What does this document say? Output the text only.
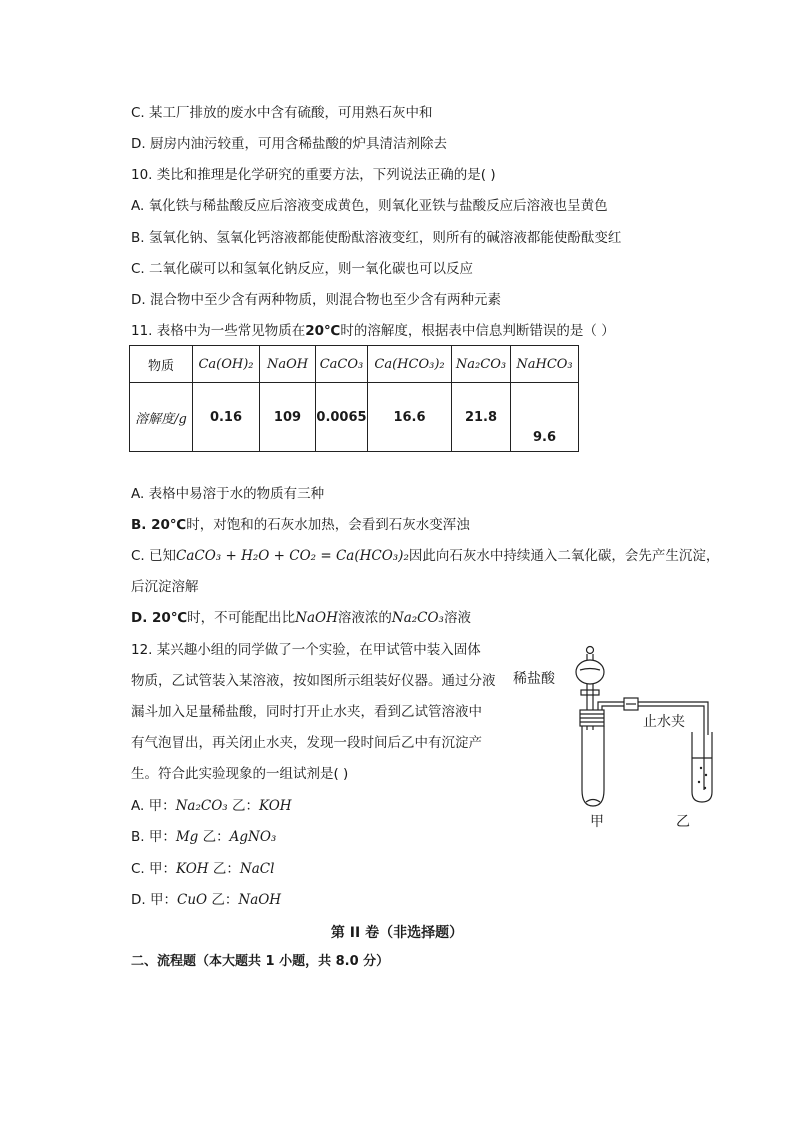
C. 某工厂排放的废水中含有硫酸，可用熟石灰中和
D. 厨房内油污较重，可用含稀盐酸的炉具清洁剂除去
10. 类比和推理是化学研究的重要方法，下列说法正确的是( )
A. 氧化铁与稀盐酸反应后溶液变成黄色，则氧化亚铁与盐酸反应后溶液也呈黄色
B. 氢氧化钠、氢氧化钙溶液都能使酚酞溶液变红，则所有的碱溶液都能使酚酞变红
C. 二氧化碳可以和氢氧化钠反应，则一氧化碳也可以反应
D. 混合物中至少含有两种物质，则混合物也至少含有两种元素
11. 表格中为一些常见物质在20℃时的溶解度，根据表中信息判断错误的是（ ）
物质	Ca(OH)₂	NaOH	CaCO₃	Ca(HCO₃)₂	Na₂CO₃	NaHCO₃
溶解度/g	0.16	109	0.0065	16.6	21.8	9.6
A. 表格中易溶于水的物质有三种
B. 20℃时，对饱和的石灰水加热，会看到石灰水变浑浊
C. 已知CaCO₃ + H₂O + CO₂ = Ca(HCO₃)₂因此向石灰水中持续通入二氧化碳，会先产生沉淀，
后沉淀溶解
D. 20℃时，不可能配出比NaOH溶液浓的Na₂CO₃溶液
12. 某兴趣小组的同学做了一个实验，在甲试管中装入固体
物质，乙试管装入某溶液，按如图所示组装好仪器。通过分液
漏斗加入足量稀盐酸，同时打开止水夹，看到乙试管溶液中
有气泡冒出，再关闭止水夹，发现一段时间后乙中有沉淀产
生。符合此实验现象的一组试剂是( )
A. 甲：Na₂CO₃ 乙：KOH
B. 甲：Mg 乙：AgNO₃
C. 甲：KOH 乙：NaCl
D. 甲：CuO 乙：NaOH
稀盐酸
止水夹
甲	乙
第 II 卷（非选择题）
二、流程题（本大题共 1 小题，共 8.0 分）
